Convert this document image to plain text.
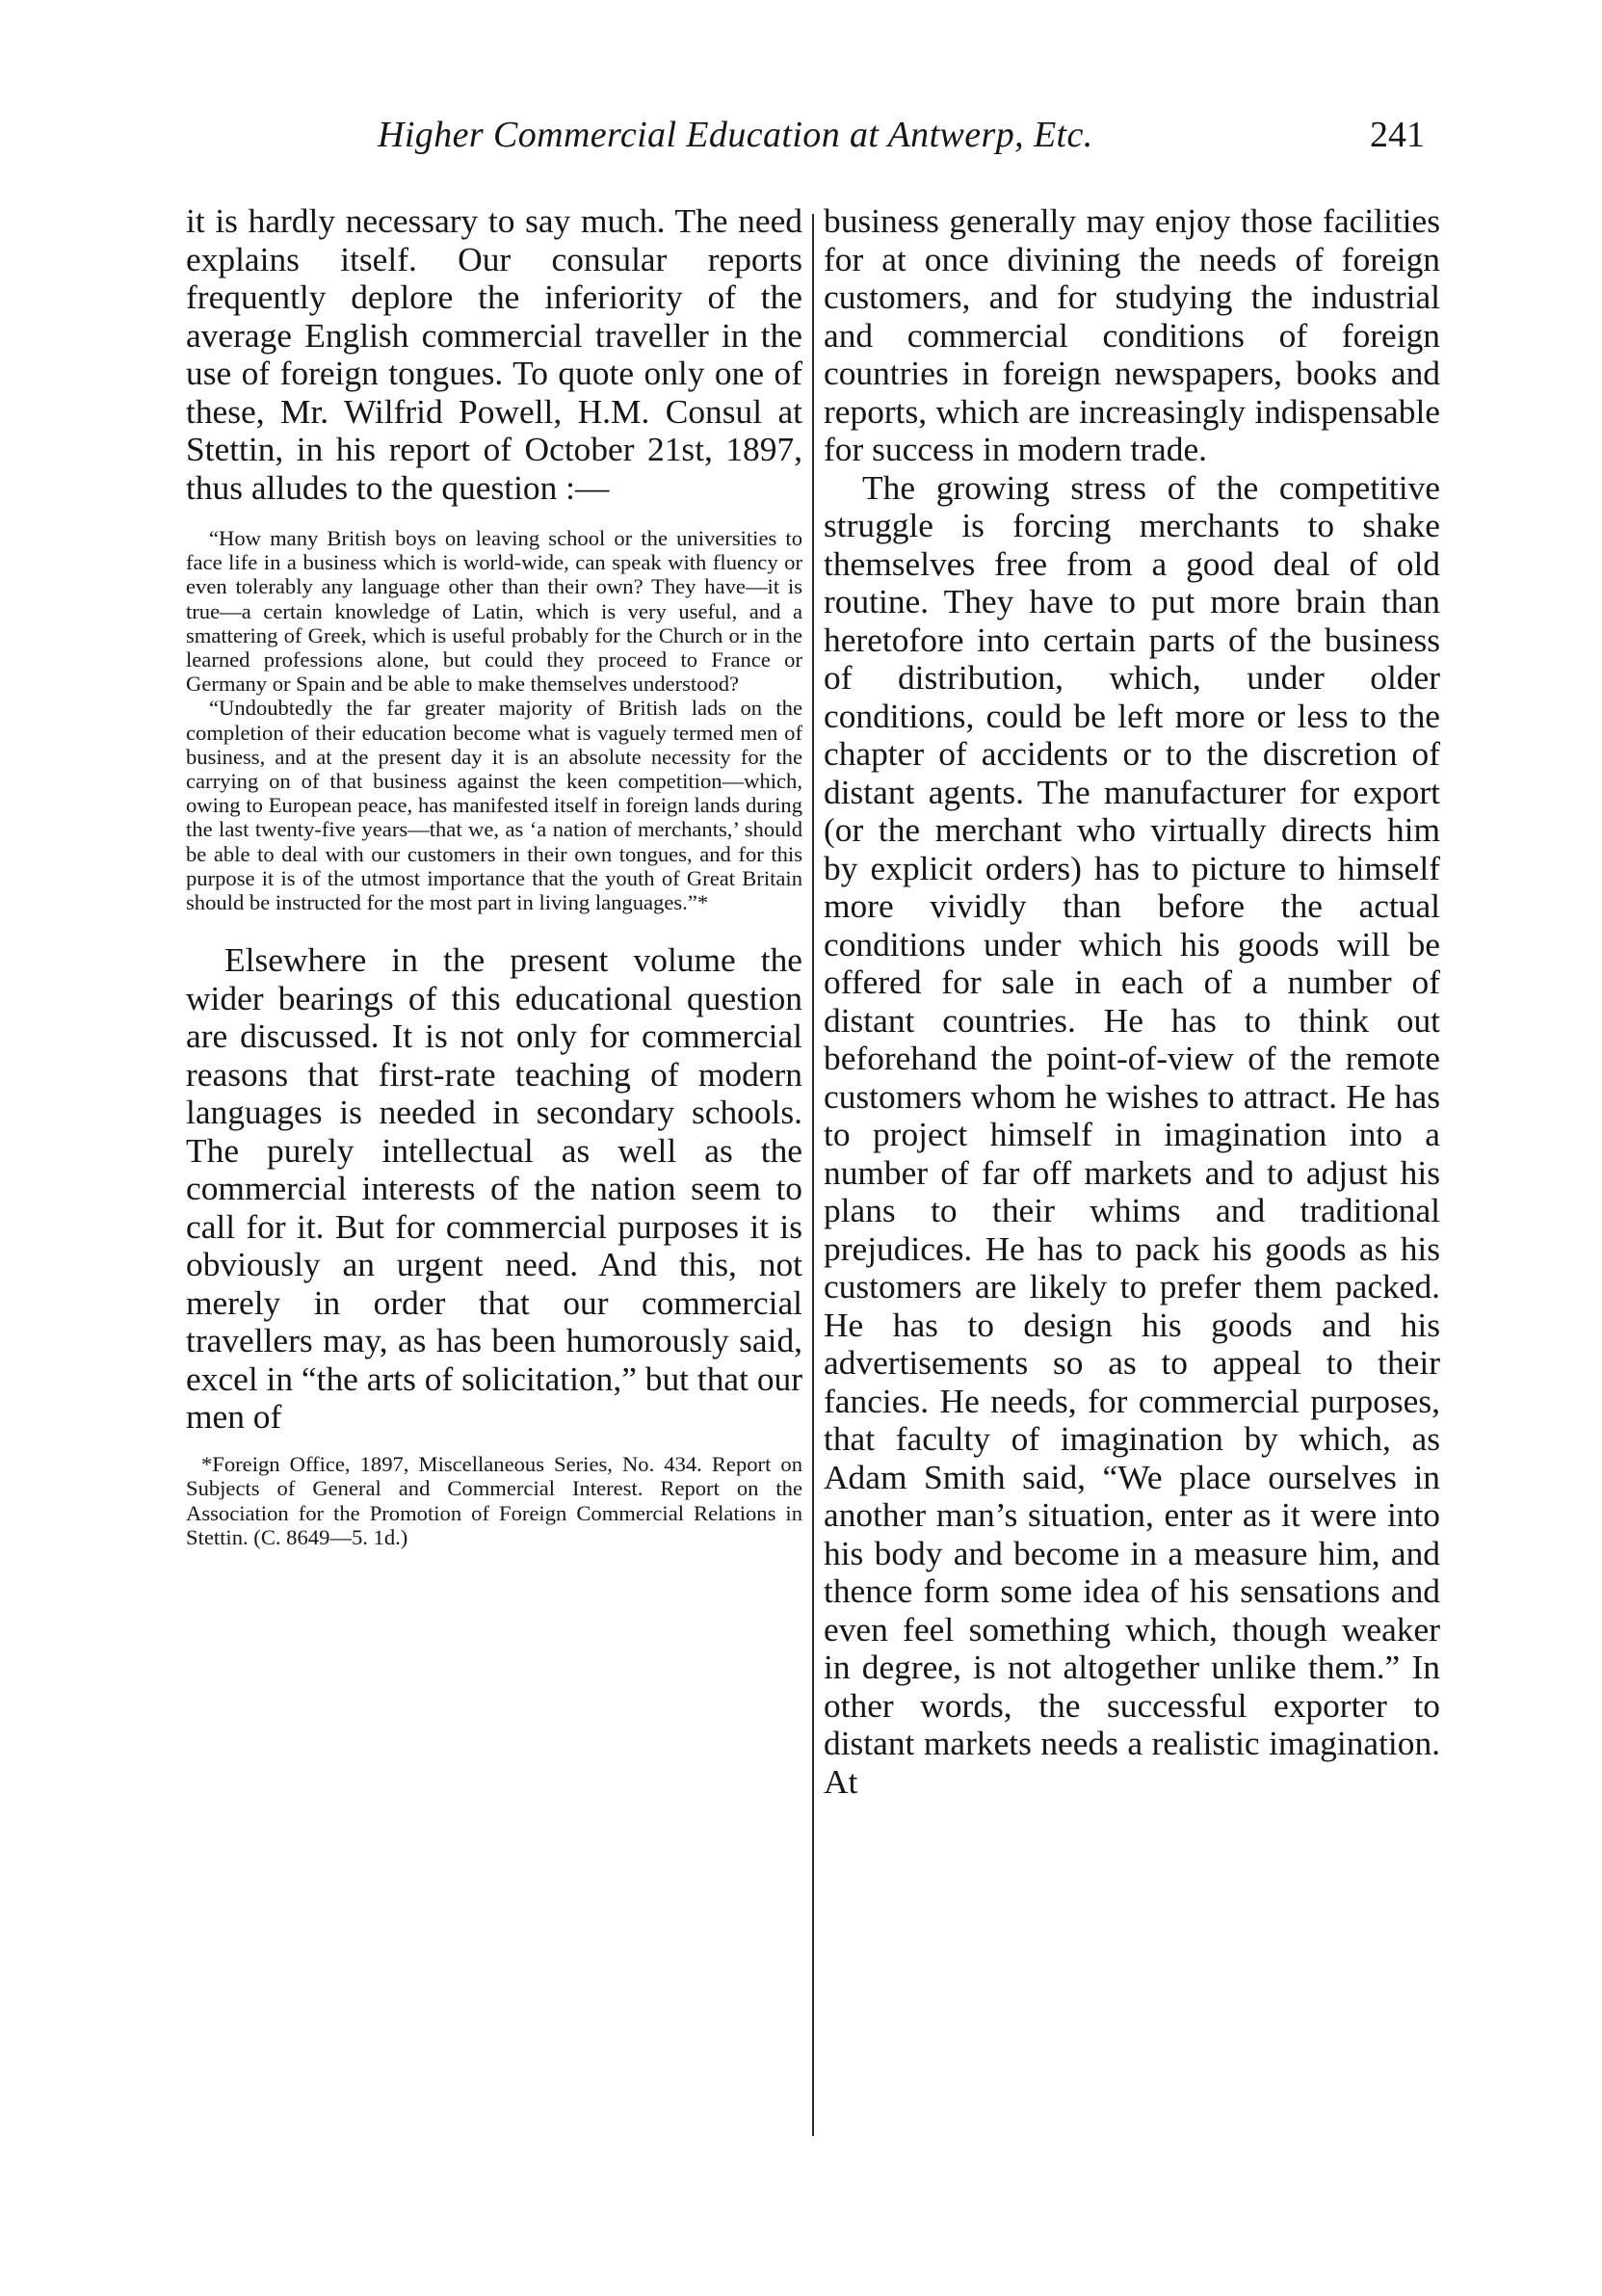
Higher Commercial Education at Antwerp, Etc.	241

it is hardly necessary to say much. The need explains itself. Our consular reports frequently deplore the inferiority of the average English commercial traveller in the use of foreign tongues. To quote only one of these, Mr. Wilfrid Powell, H.M. Consul at Stettin, in his report of October 21st, 1897, thus alludes to the question :—

“How many British boys on leaving school or the universities to face life in a business which is world-wide, can speak with fluency or even tolerably any language other than their own? They have—it is true—a certain knowledge of Latin, which is very useful, and a smattering of Greek, which is useful probably for the Church or in the learned professions alone, but could they proceed to France or Germany or Spain and be able to make themselves understood?

“Undoubtedly the far greater majority of British lads on the completion of their education become what is vaguely termed men of business, and at the present day it is an absolute necessity for the carrying on of that business against the keen competition—which, owing to European peace, has manifested itself in foreign lands during the last twenty-five years—that we, as ‘a nation of merchants,’ should be able to deal with our customers in their own tongues, and for this purpose it is of the utmost importance that the youth of Great Britain should be instructed for the most part in living languages.”*

Elsewhere in the present volume the wider bearings of this educational question are discussed. It is not only for commercial reasons that first-rate teaching of modern languages is needed in secondary schools. The purely intellectual as well as the commercial interests of the nation seem to call for it. But for commercial purposes it is obviously an urgent need. And this, not merely in order that our commercial travellers may, as has been humorously said, excel in “the arts of solicitation,” but that our men of

*Foreign Office, 1897, Miscellaneous Series, No. 434. Report on Subjects of General and Commercial Interest. Report on the Association for the Promotion of Foreign Commercial Relations in Stettin. (C. 8649—5. 1d.)

business generally may enjoy those facilities for at once divining the needs of foreign customers, and for studying the industrial and commercial conditions of foreign countries in foreign newspapers, books and reports, which are increasingly indispensable for success in modern trade.

The growing stress of the competitive struggle is forcing merchants to shake themselves free from a good deal of old routine. They have to put more brain than heretofore into certain parts of the business of distribution, which, under older conditions, could be left more or less to the chapter of accidents or to the discretion of distant agents. The manufacturer for export (or the merchant who virtually directs him by explicit orders) has to picture to himself more vividly than before the actual conditions under which his goods will be offered for sale in each of a number of distant countries. He has to think out beforehand the point-of-view of the remote customers whom he wishes to attract. He has to project himself in imagination into a number of far off markets and to adjust his plans to their whims and traditional prejudices. He has to pack his goods as his customers are likely to prefer them packed. He has to design his goods and his advertisements so as to appeal to their fancies. He needs, for commercial purposes, that faculty of imagination by which, as Adam Smith said, “We place ourselves in another man’s situation, enter as it were into his body and become in a measure him, and thence form some idea of his sensations and even feel something which, though weaker in degree, is not altogether unlike them.” In other words, the successful exporter to distant markets needs a realistic imagination. At
